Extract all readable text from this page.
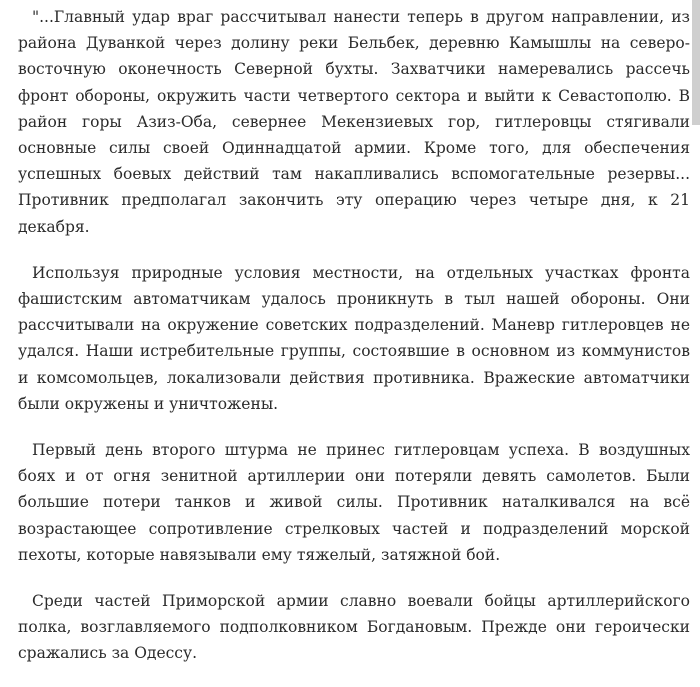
"...Главный удар враг рассчитывал нанести теперь в другом направлении, из района Дуванкой через долину реки Бельбек, деревню Камышлы на северо-восточную оконечность Северной бухты. Захватчики намеревались рассечь фронт обороны, окружить части четвертого сектора и выйти к Севастополю. В район горы Азиз-Оба, севернее Мекензиевых гор, гитлеровцы стягивали основные силы своей Одиннадцатой армии. Кроме того, для обеспечения успешных боевых действий там накапливались вспомогательные резервы... Противник предполагал закончить эту операцию через четыре дня, к 21 декабря.

Используя природные условия местности, на отдельных участках фронта фашистским автоматчикам удалось проникнуть в тыл нашей обороны. Они рассчитывали на окружение советских подразделений. Маневр гитлеровцев не удался. Наши истребительные группы, состоявшие в основном из коммунистов и комсомольцев, локализовали действия противника. Вражеские автоматчики были окружены и уничтожены.

Первый день второго штурма не принес гитлеровцам успеха. В воздушных боях и от огня зенитной артиллерии они потеряли девять самолетов. Были большие потери танков и живой силы. Противник наталкивался на всё возрастающее сопротивление стрелковых частей и подразделений морской пехоты, которые навязывали ему тяжелый, затяжной бой.

Среди частей Приморской армии славно воевали бойцы артиллерийского полка, возглавляемого подполковником Богдановым. Прежде они героически сражались за Одессу.
